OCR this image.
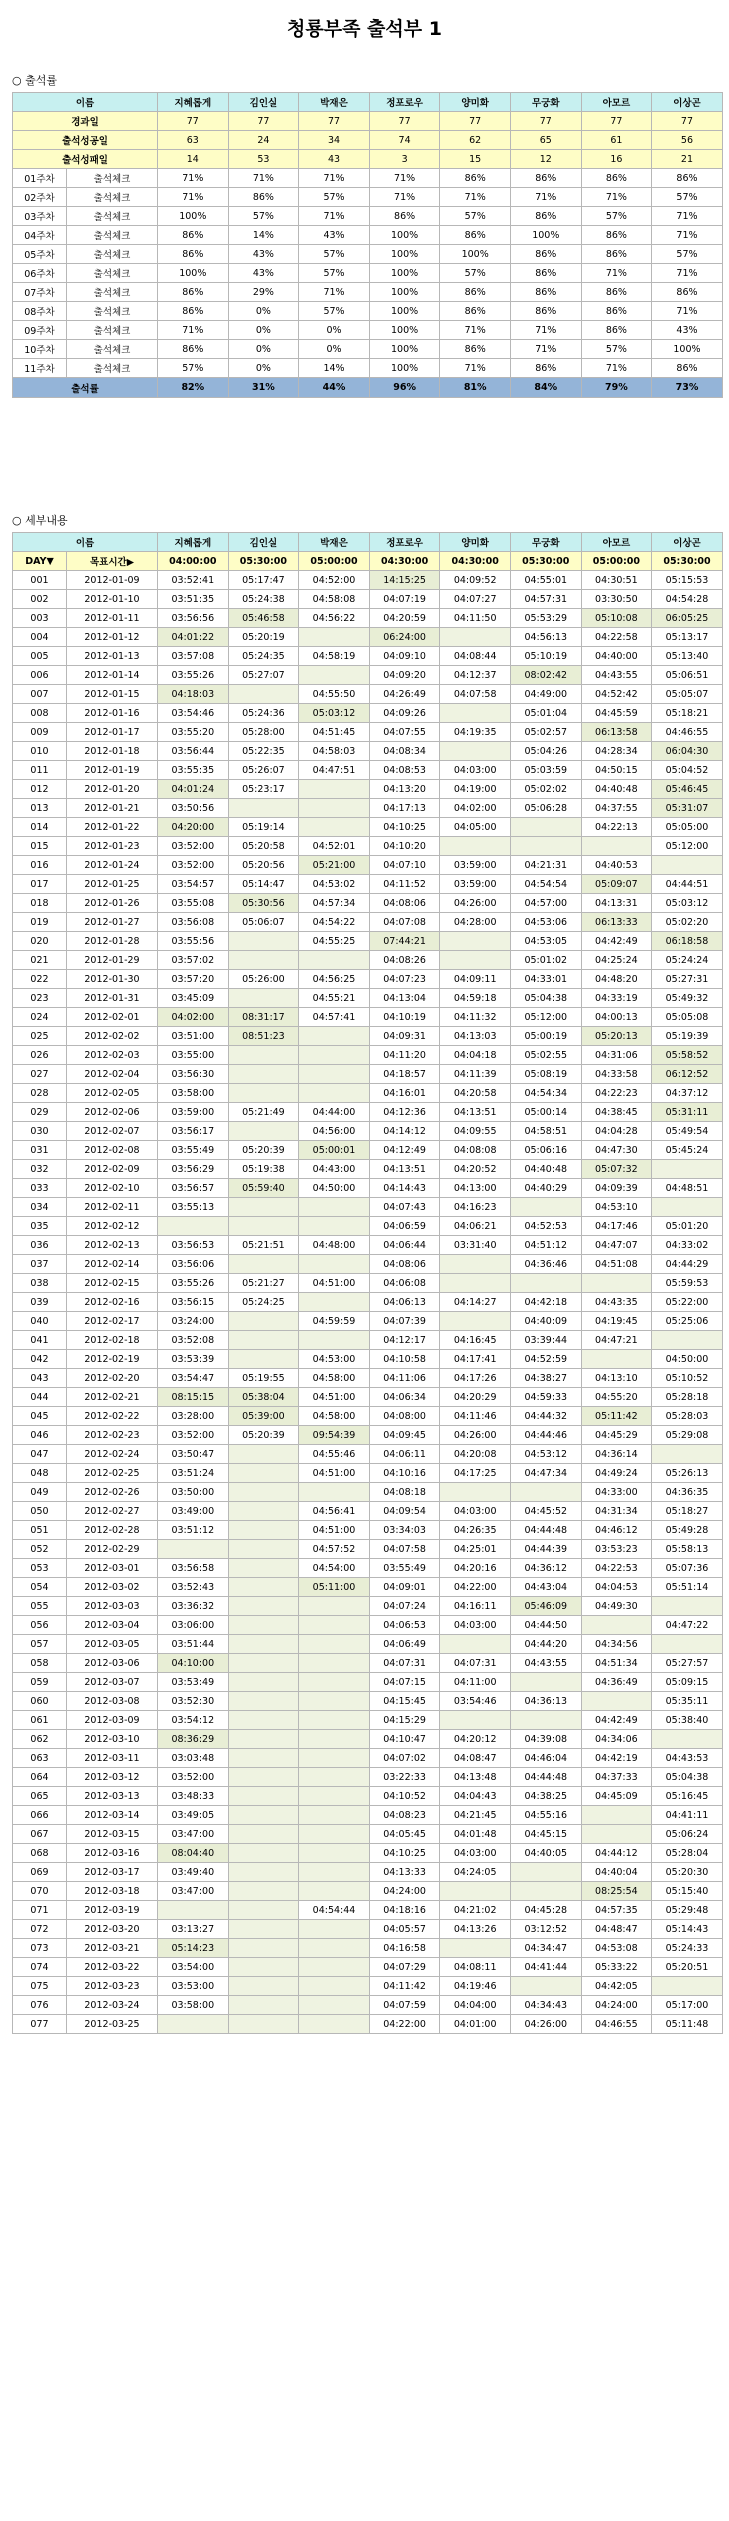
청룡부족 출석부 1
○ 출석률
이름		지혜롭게	김인실	박재은	정포로우	양미화	무궁화	아모르	이상곤
경과일		77	77	77	77	77	77	77	77
출석성공일		63	24	34	74	62	65	61	56
출석성패일		14	53	43	3	15	12	16	21
01주차	출석체크	71%	71%	71%	71%	86%	86%	86%	86%
02주차	출석체크	71%	86%	57%	71%	71%	71%	71%	57%
03주차	출석체크	100%	57%	71%	86%	57%	86%	57%	71%
04주차	출석체크	86%	14%	43%	100%	86%	100%	86%	71%
05주차	출석체크	86%	43%	57%	100%	100%	86%	86%	57%
06주차	출석체크	100%	43%	57%	100%	57%	86%	71%	71%
07주차	출석체크	86%	29%	71%	100%	86%	86%	86%	86%
08주차	출석체크	86%	0%	57%	100%	86%	86%	86%	71%
09주차	출석체크	71%	0%	0%	100%	71%	71%	86%	43%
10주차	출석체크	86%	0%	0%	100%	86%	71%	57%	100%
11주차	출석체크	57%	0%	14%	100%	71%	86%	71%	86%
출석률		82%	31%	44%	96%	81%	84%	79%	73%
○ 세부내용
이름		지혜롭게	김인실	박재은	정포로우	양미화	무궁화	아모르	이상곤
DAY▼	목표시간▶	04:00:00	05:30:00	05:00:00	04:30:00	04:30:00	05:30:00	05:00:00	05:30:00
001	2012-01-09	03:52:41	05:17:47	04:52:00	14:15:25	04:09:52	04:55:01	04:30:51	05:15:53
002	2012-01-10	03:51:35	05:24:38	04:58:08	04:07:19	04:07:27	04:57:31	03:30:50	04:54:28
003	2012-01-11	03:56:56	05:46:58	04:56:22	04:20:59	04:11:50	05:53:29	05:10:08	06:05:25
004	2012-01-12	04:01:22	05:20:19		06:24:00		04:56:13	04:22:58	05:13:17
005	2012-01-13	03:57:08	05:24:35	04:58:19	04:09:10	04:08:44	05:10:19	04:40:00	05:13:40
006	2012-01-14	03:55:26	05:27:07		04:09:20	04:12:37	08:02:42	04:43:55	05:06:51
007	2012-01-15	04:18:03		04:55:50	04:26:49	04:07:58	04:49:00	04:52:42	05:05:07
008	2012-01-16	03:54:46	05:24:36	05:03:12	04:09:26		05:01:04	04:45:59	05:18:21
009	2012-01-17	03:55:20	05:28:00	04:51:45	04:07:55	04:19:35	05:02:57	06:13:58	04:46:55
010	2012-01-18	03:56:44	05:22:35	04:58:03	04:08:34		05:04:26	04:28:34	06:04:30
011	2012-01-19	03:55:35	05:26:07	04:47:51	04:08:53	04:03:00	05:03:59	04:50:15	05:04:52
012	2012-01-20	04:01:24	05:23:17		04:13:20	04:19:00	05:02:02	04:40:48	05:46:45
013	2012-01-21	03:50:56			04:17:13	04:02:00	05:06:28	04:37:55	05:31:07
014	2012-01-22	04:20:00	05:19:14		04:10:25	04:05:00		04:22:13	05:05:00
015	2012-01-23	03:52:00	05:20:58	04:52:01	04:10:20				05:12:00
016	2012-01-24	03:52:00	05:20:56	05:21:00	04:07:10	03:59:00	04:21:31	04:40:53	
017	2012-01-25	03:54:57	05:14:47	04:53:02	04:11:52	03:59:00	04:54:54	05:09:07	04:44:51
018	2012-01-26	03:55:08	05:30:56	04:57:34	04:08:06	04:26:00	04:57:00	04:13:31	05:03:12
019	2012-01-27	03:56:08	05:06:07	04:54:22	04:07:08	04:28:00	04:53:06	06:13:33	05:02:20
020	2012-01-28	03:55:56		04:55:25	07:44:21		04:53:05	04:42:49	06:18:58
021	2012-01-29	03:57:02			04:08:26		05:01:02	04:25:24	05:24:24
022	2012-01-30	03:57:20	05:26:00	04:56:25	04:07:23	04:09:11	04:33:01	04:48:20	05:27:31
023	2012-01-31	03:45:09		04:55:21	04:13:04	04:59:18	05:04:38	04:33:19	05:49:32
024	2012-02-01	04:02:00	08:31:17	04:57:41	04:10:19	04:11:32	05:12:00	04:00:13	05:05:08
025	2012-02-02	03:51:00	08:51:23		04:09:31	04:13:03	05:00:19	05:20:13	05:19:39
026	2012-02-03	03:55:00			04:11:20	04:04:18	05:02:55	04:31:06	05:58:52
027	2012-02-04	03:56:30			04:18:57	04:11:39	05:08:19	04:33:58	06:12:52
028	2012-02-05	03:58:00			04:16:01	04:20:58	04:54:34	04:22:23	04:37:12
029	2012-02-06	03:59:00	05:21:49	04:44:00	04:12:36	04:13:51	05:00:14	04:38:45	05:31:11
030	2012-02-07	03:56:17		04:56:00	04:14:12	04:09:55	04:58:51	04:04:28	05:49:54
031	2012-02-08	03:55:49	05:20:39	05:00:01	04:12:49	04:08:08	05:06:16	04:47:30	05:45:24
032	2012-02-09	03:56:29	05:19:38	04:43:00	04:13:51	04:20:52	04:40:48	05:07:32	
033	2012-02-10	03:56:57	05:59:40	04:50:00	04:14:43	04:13:00	04:40:29	04:09:39	04:48:51
034	2012-02-11	03:55:13			04:07:43	04:16:23		04:53:10	
035	2012-02-12				04:06:59	04:06:21	04:52:53	04:17:46	05:01:20
036	2012-02-13	03:56:53	05:21:51	04:48:00	04:06:44	03:31:40	04:51:12	04:47:07	04:33:02
037	2012-02-14	03:56:06			04:08:06		04:36:46	04:51:08	04:44:29
038	2012-02-15	03:55:26	05:21:27	04:51:00	04:06:08				05:59:53
039	2012-02-16	03:56:15	05:24:25		04:06:13	04:14:27	04:42:18	04:43:35	05:22:00
040	2012-02-17	03:24:00		04:59:59	04:07:39		04:40:09	04:19:45	05:25:06
041	2012-02-18	03:52:08			04:12:17	04:16:45	03:39:44	04:47:21	
042	2012-02-19	03:53:39		04:53:00	04:10:58	04:17:41	04:52:59		04:50:00
043	2012-02-20	03:54:47	05:19:55	04:58:00	04:11:06	04:17:26	04:38:27	04:13:10	05:10:52
044	2012-02-21	08:15:15	05:38:04	04:51:00	04:06:34	04:20:29	04:59:33	04:55:20	05:28:18
045	2012-02-22	03:28:00	05:39:00	04:58:00	04:08:00	04:11:46	04:44:32	05:11:42	05:28:03
046	2012-02-23	03:52:00	05:20:39	09:54:39	04:09:45	04:26:00	04:44:46	04:45:29	05:29:08
047	2012-02-24	03:50:47		04:55:46	04:06:11	04:20:08	04:53:12	04:36:14	
048	2012-02-25	03:51:24		04:51:00	04:10:16	04:17:25	04:47:34	04:49:24	05:26:13
049	2012-02-26	03:50:00			04:08:18			04:33:00	04:36:35
050	2012-02-27	03:49:00		04:56:41	04:09:54	04:03:00	04:45:52	04:31:34	05:18:27
051	2012-02-28	03:51:12		04:51:00	03:34:03	04:26:35	04:44:48	04:46:12	05:49:28
052	2012-02-29			04:57:52	04:07:58	04:25:01	04:44:39	03:53:23	05:58:13
053	2012-03-01	03:56:58		04:54:00	03:55:49	04:20:16	04:36:12	04:22:53	05:07:36
054	2012-03-02	03:52:43		05:11:00	04:09:01	04:22:00	04:43:04	04:04:53	05:51:14
055	2012-03-03	03:36:32			04:07:24	04:16:11	05:46:09	04:49:30	
056	2012-03-04	03:06:00			04:06:53	04:03:00	04:44:50		04:47:22
057	2012-03-05	03:51:44			04:06:49		04:44:20	04:34:56	
058	2012-03-06	04:10:00			04:07:31	04:07:31	04:43:55	04:51:34	05:27:57
059	2012-03-07	03:53:49			04:07:15	04:11:00		04:36:49	05:09:15
060	2012-03-08	03:52:30			04:15:45	03:54:46	04:36:13		05:35:11
061	2012-03-09	03:54:12			04:15:29			04:42:49	05:38:40
062	2012-03-10	08:36:29			04:10:47	04:20:12	04:39:08	04:34:06	
063	2012-03-11	03:03:48			04:07:02	04:08:47	04:46:04	04:42:19	04:43:53
064	2012-03-12	03:52:00			03:22:33	04:13:48	04:44:48	04:37:33	05:04:38
065	2012-03-13	03:48:33			04:10:52	04:04:43	04:38:25	04:45:09	05:16:45
066	2012-03-14	03:49:05			04:08:23	04:21:45	04:55:16		04:41:11
067	2012-03-15	03:47:00			04:05:45	04:01:48	04:45:15		05:06:24
068	2012-03-16	08:04:40			04:10:25	04:03:00	04:40:05	04:44:12	05:28:04
069	2012-03-17	03:49:40			04:13:33	04:24:05		04:40:04	05:20:30
070	2012-03-18	03:47:00			04:24:00			08:25:54	05:15:40
071	2012-03-19			04:54:44	04:18:16	04:21:02	04:45:28	04:57:35	05:29:48
072	2012-03-20	03:13:27			04:05:57	04:13:26	03:12:52	04:48:47	05:14:43
073	2012-03-21	05:14:23			04:16:58		04:34:47	04:53:08	05:24:33
074	2012-03-22	03:54:00			04:07:29	04:08:11	04:41:44	05:33:22	05:20:51
075	2012-03-23	03:53:00			04:11:42	04:19:46		04:42:05	
076	2012-03-24	03:58:00			04:07:59	04:04:00	04:34:43	04:24:00	05:17:00
077	2012-03-25				04:22:00	04:01:00	04:26:00	04:46:55	05:11:48
